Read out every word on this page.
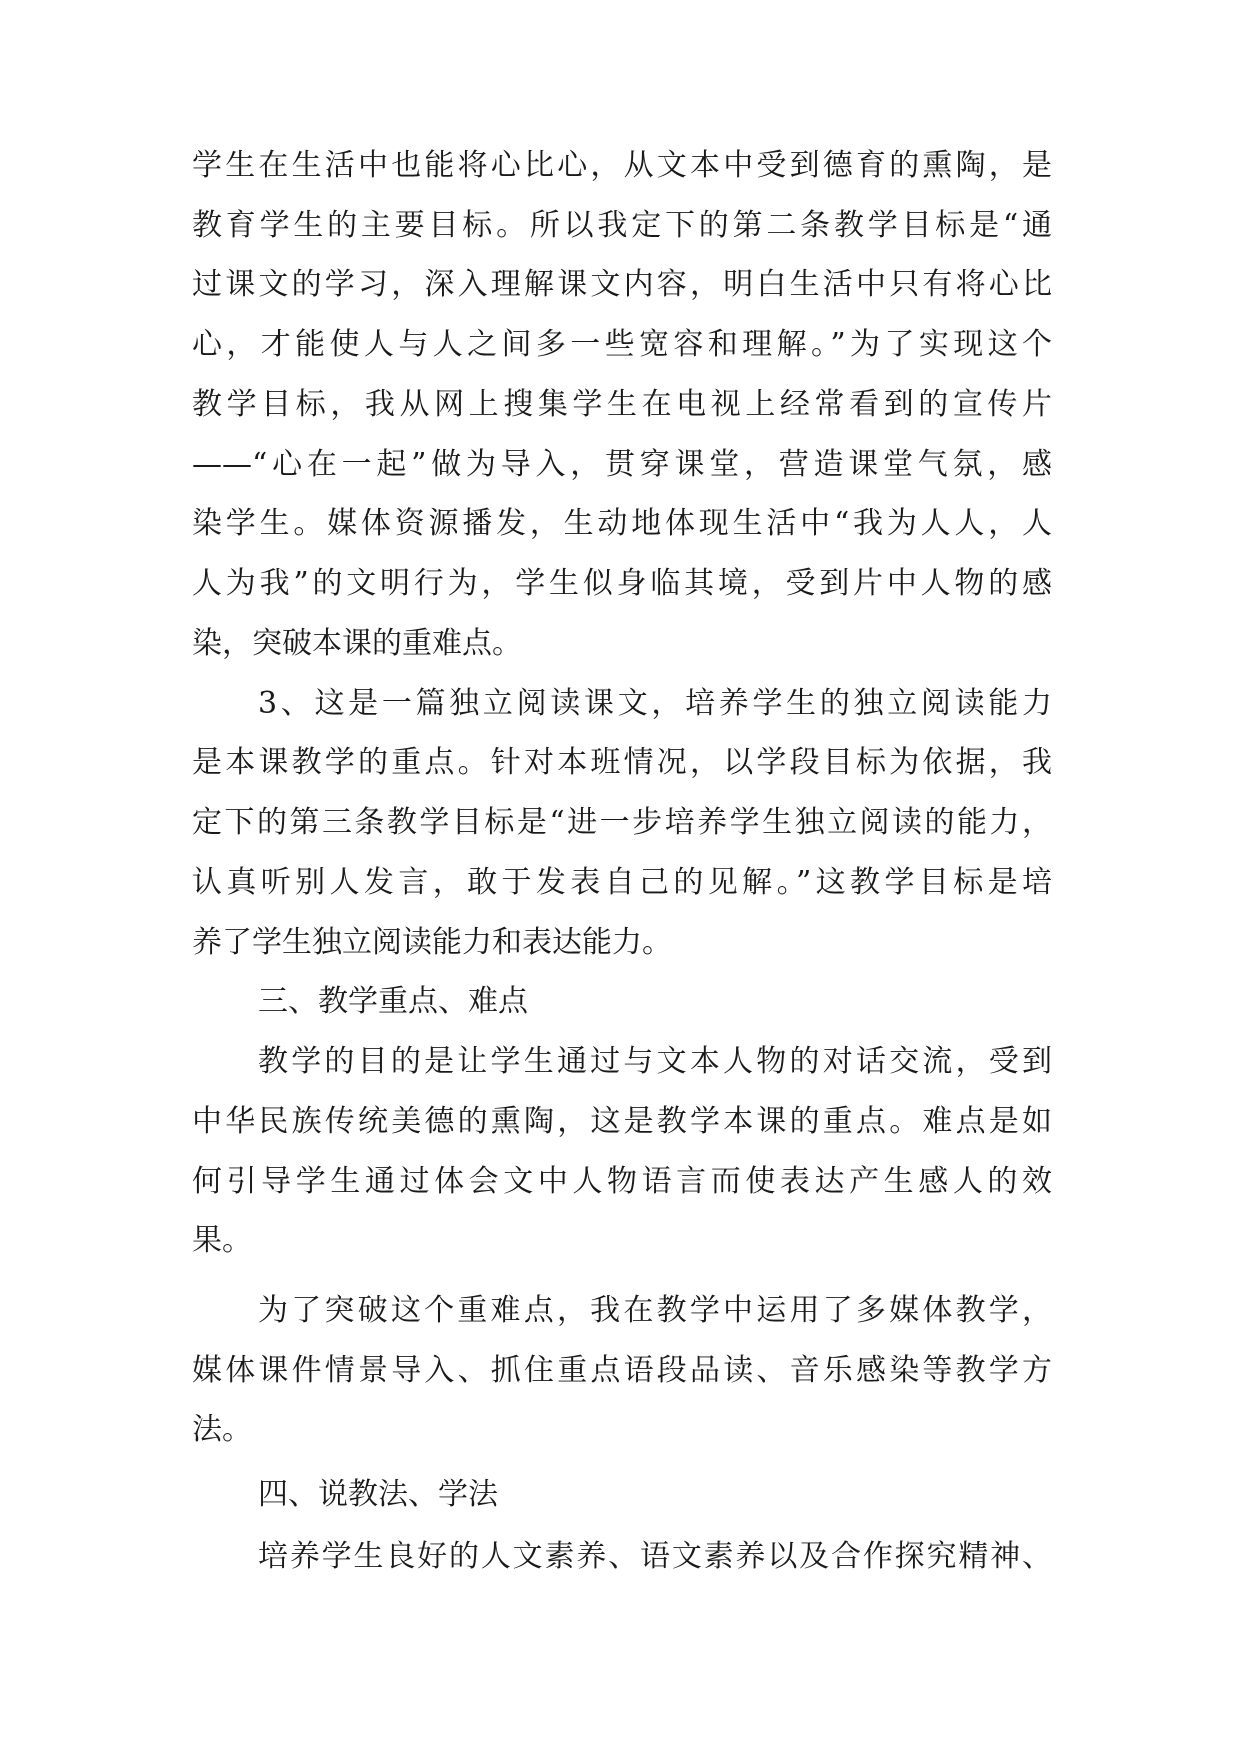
学生在生活中也能将心比心，从文本中受到德育的熏陶，是
教育学生的主要目标。所以我定下的第二条教学目标是“通
过课文的学习，深入理解课文内容，明白生活中只有将心比
心，才能使人与人之间多一些宽容和理解。”为了实现这个
教学目标，我从网上搜集学生在电视上经常看到的宣传片
——“心在一起”做为导入，贯穿课堂，营造课堂气氛，感
染学生。媒体资源播发，生动地体现生活中“我为人人，人
人为我”的文明行为，学生似身临其境，受到片中人物的感
染，突破本课的重难点。
3、这是一篇独立阅读课文，培养学生的独立阅读能力
是本课教学的重点。针对本班情况，以学段目标为依据，我
定下的第三条教学目标是“进一步培养学生独立阅读的能力，
认真听别人发言，敢于发表自己的见解。”这教学目标是培
养了学生独立阅读能力和表达能力。
三、教学重点、难点
教学的目的是让学生通过与文本人物的对话交流，受到
中华民族传统美德的熏陶，这是教学本课的重点。难点是如
何引导学生通过体会文中人物语言而使表达产生感人的效
果。
为了突破这个重难点，我在教学中运用了多媒体教学，
媒体课件情景导入、抓住重点语段品读、音乐感染等教学方
法。
四、说教法、学法
培养学生良好的人文素养、语文素养以及合作探究精神、
